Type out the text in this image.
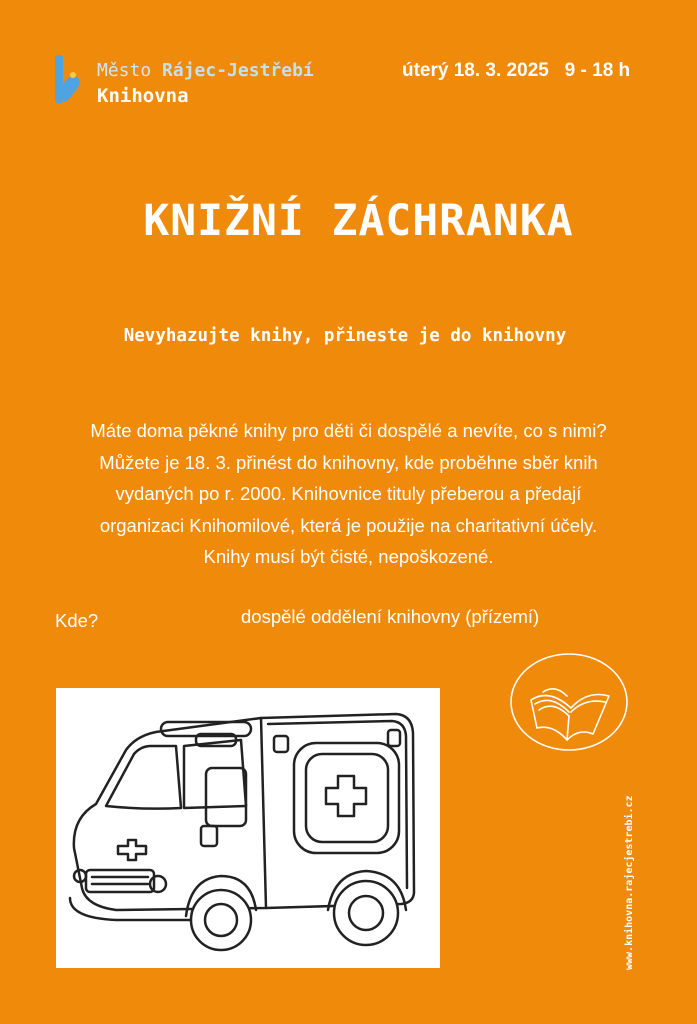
Město Rájec-Jestřebí
Knihovna
úterý 18. 3. 2025 9 - 18 h
KNIŽNÍ ZÁCHRANKA
Nevyhazujte knihy, přineste je do knihovny
Máte doma pěkné knihy pro děti či dospělé a nevíte, co s nimi?
Můžete je 18. 3. přinést do knihovny, kde proběhne sběr knih
vydaných po r. 2000. Knihovnice tituly přeberou a předají
organizaci Knihomilové, která je použije na charitativní účely.
Knihy musí být čisté, nepoškozené.
Kde?	dospělé oddělení knihovny (přízemí)
www.knihovna.rajecjestrebi.cz
